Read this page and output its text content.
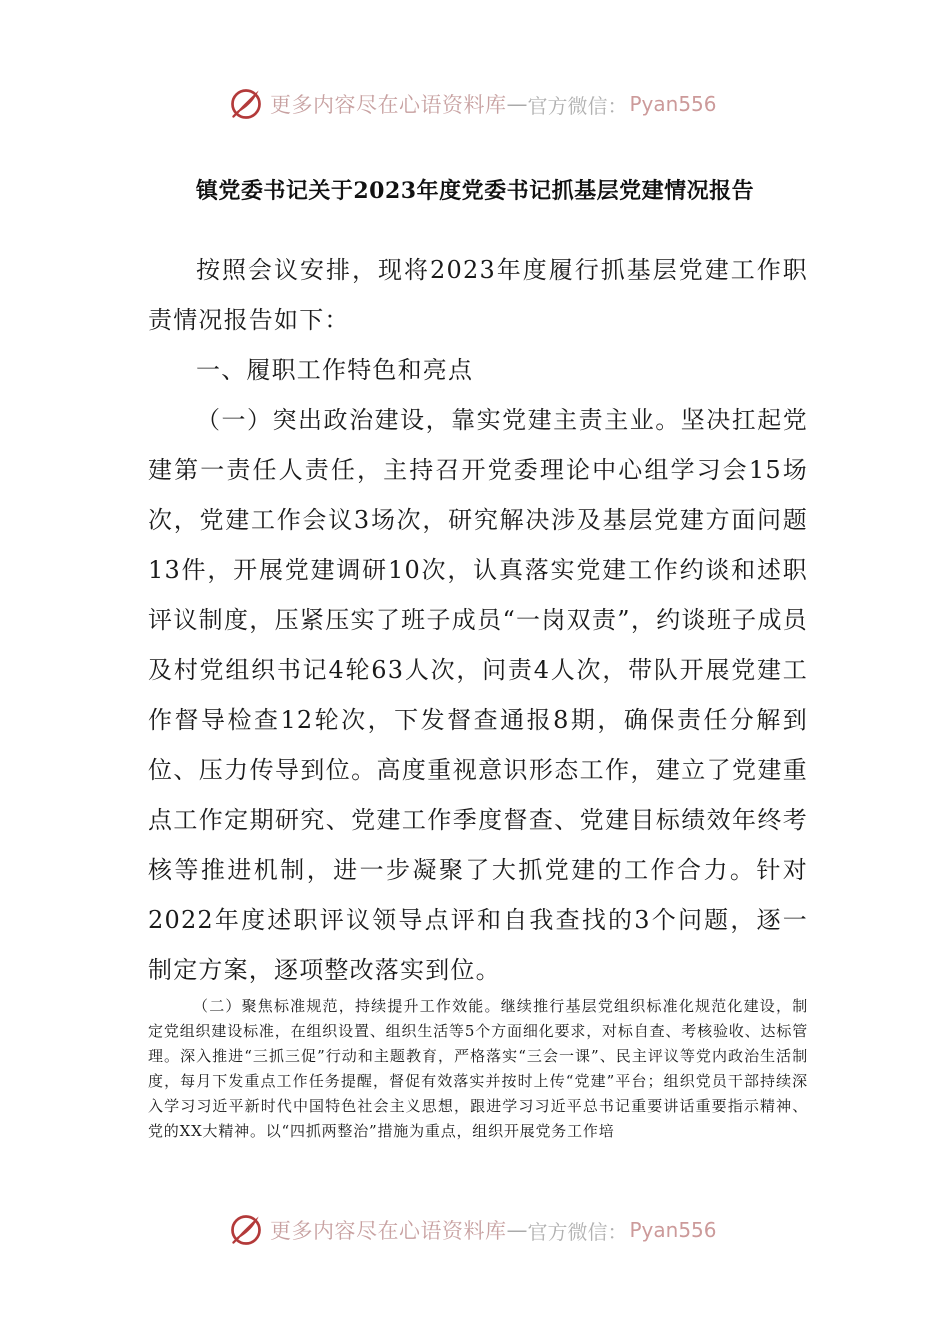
更多内容尽在心语资料库 — 官方微信： Pyan556
镇党委书记关于2023年度党委书记抓基层党建情况报告

按照会议安排，现将2023年度履行抓基层党建工作职责情况报告如下：

一、履职工作特色和亮点

（一）突出政治建设，靠实党建主责主业。坚决扛起党建第一责任人责任，主持召开党委理论中心组学习会15场次，党建工作会议3场次，研究解决涉及基层党建方面问题13件，开展党建调研10次，认真落实党建工作约谈和述职评议制度，压紧压实了班子成员“一岗双责”，约谈班子成员及村党组织书记4轮63人次，问责4人次，带队开展党建工作督导检查12轮次，下发督查通报8期，确保责任分解到位、压力传导到位。高度重视意识形态工作，建立了党建重点工作定期研究、党建工作季度督查、党建目标绩效年终考核等推进机制，进一步凝聚了大抓党建的工作合力。针对2022年度述职评议领导点评和自我查找的3个问题，逐一制定方案，逐项整改落实到位。

（二）聚焦标准规范，持续提升工作效能。继续推行基层党组织标准化规范化建设，制定党组织建设标准，在组织设置、组织生活等5个方面细化要求，对标自查、考核验收、达标管理。深入推进“三抓三促”行动和主题教育，严格落实“三会一课”、民主评议等党内政治生活制度，每月下发重点工作任务提醒，督促有效落实并按时上传“党建”平台；组织党员干部持续深入学习习近平新时代中国特色社会主义思想，跟进学习习近平总书记重要讲话重要指示精神、党的XX大精神。以“四抓两整治”措施为重点，组织开展党务工作培

更多内容尽在心语资料库 — 官方微信： Pyan556
